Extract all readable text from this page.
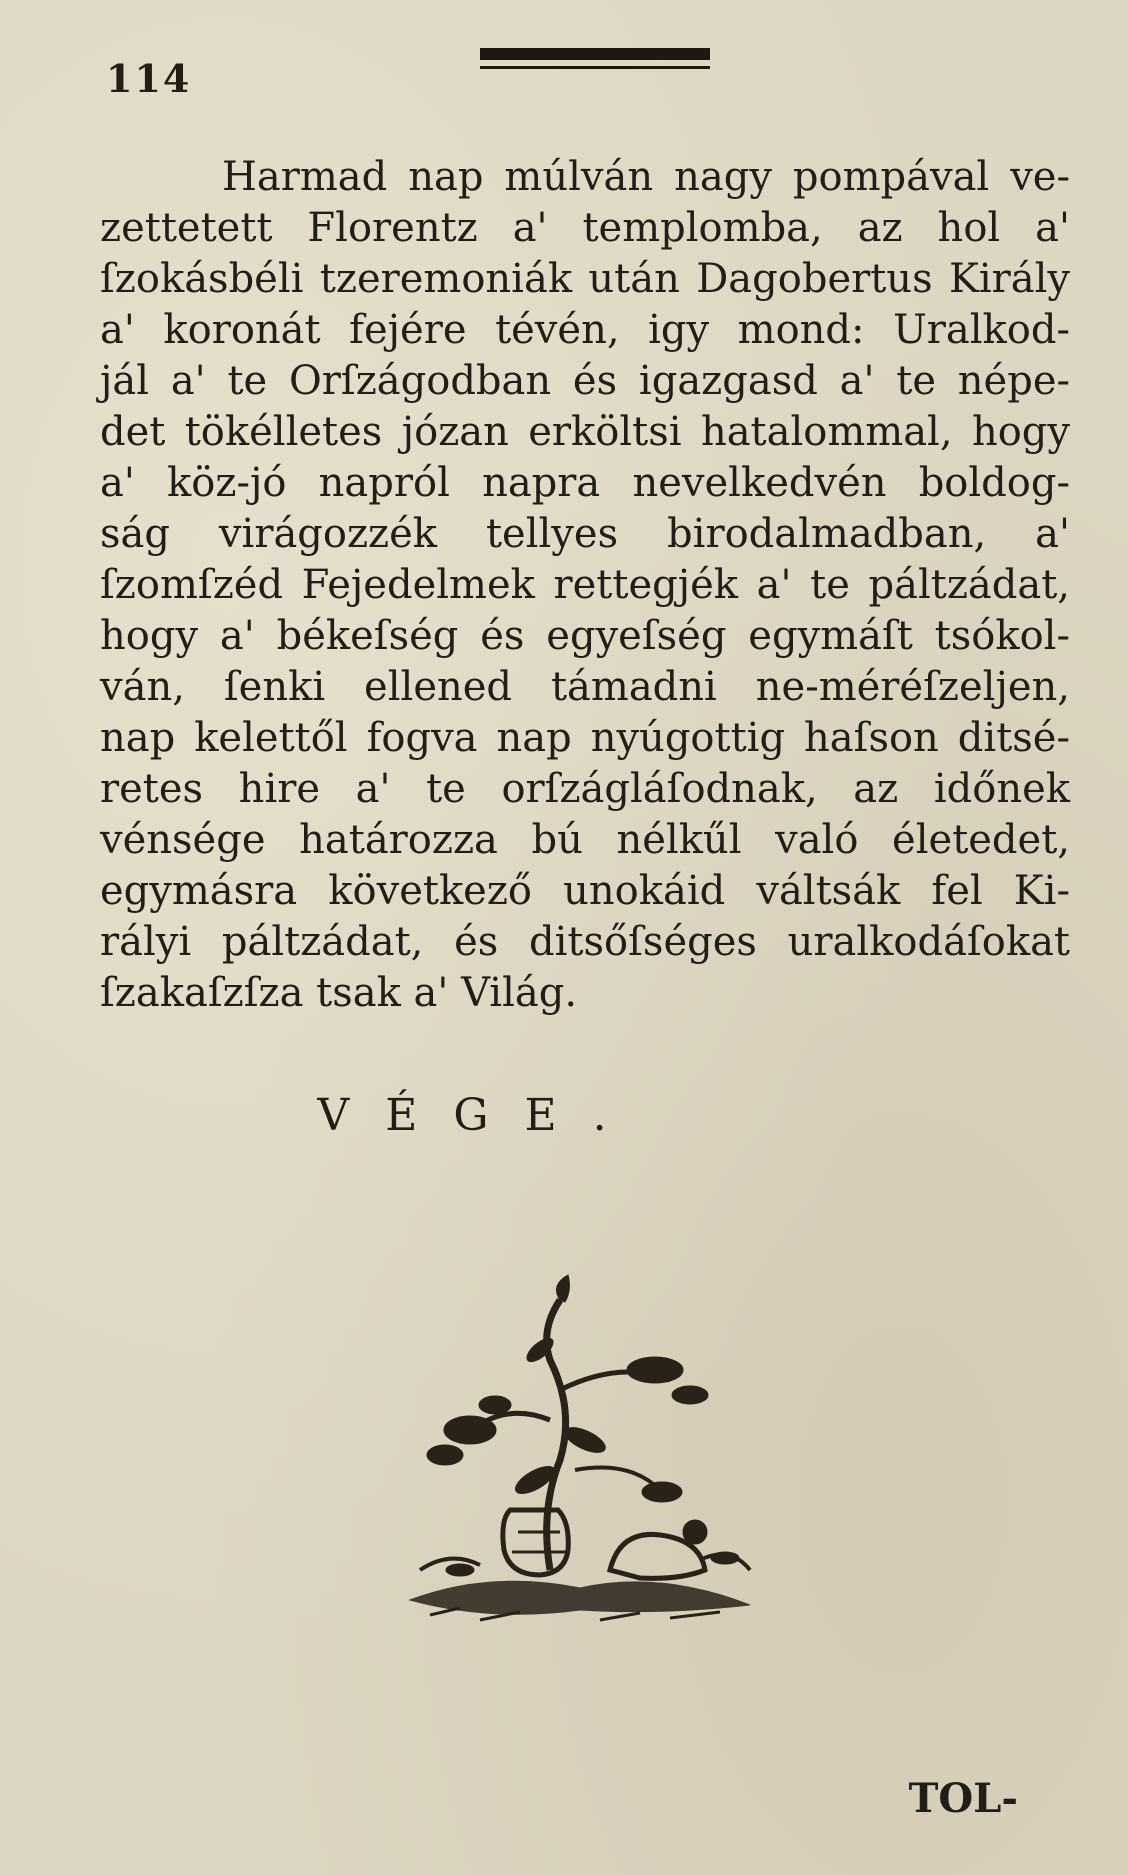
114
Harmad nap múlván nagy pompával ve-
zettetett Florentz a' templomba, az hol a'
ſzokásbéli tzeremoniák után Dagobertus Király
a' koronát fejére tévén, igy mond: Uralkod-
jál a' te Orſzágodban és igazgasd a' te népe-
det tökélletes józan erköltsi hatalommal, hogy
a' köz-jó napról napra nevelkedvén boldog-
ság virágozzék tellyes birodalmadban, a'
ſzomſzéd Fejedelmek rettegjék a' te páltzádat,
hogy a' békeſség és egyeſség egymáſt tsókol-
ván, ſenki ellened támadni ne-méréſzeljen,
nap kelettől fogva nap nyúgottig haſson ditsé-
retes hire a' te orſzágláſodnak, az időnek
vénsége határozza bú nélkűl való életedet,
egymásra következő unokáid váltsák fel Ki-
rályi páltzádat, és ditsőſséges uralkodáſokat
ſzakaſzſza tsak a' Világ.
VÉGE.
TOL-
